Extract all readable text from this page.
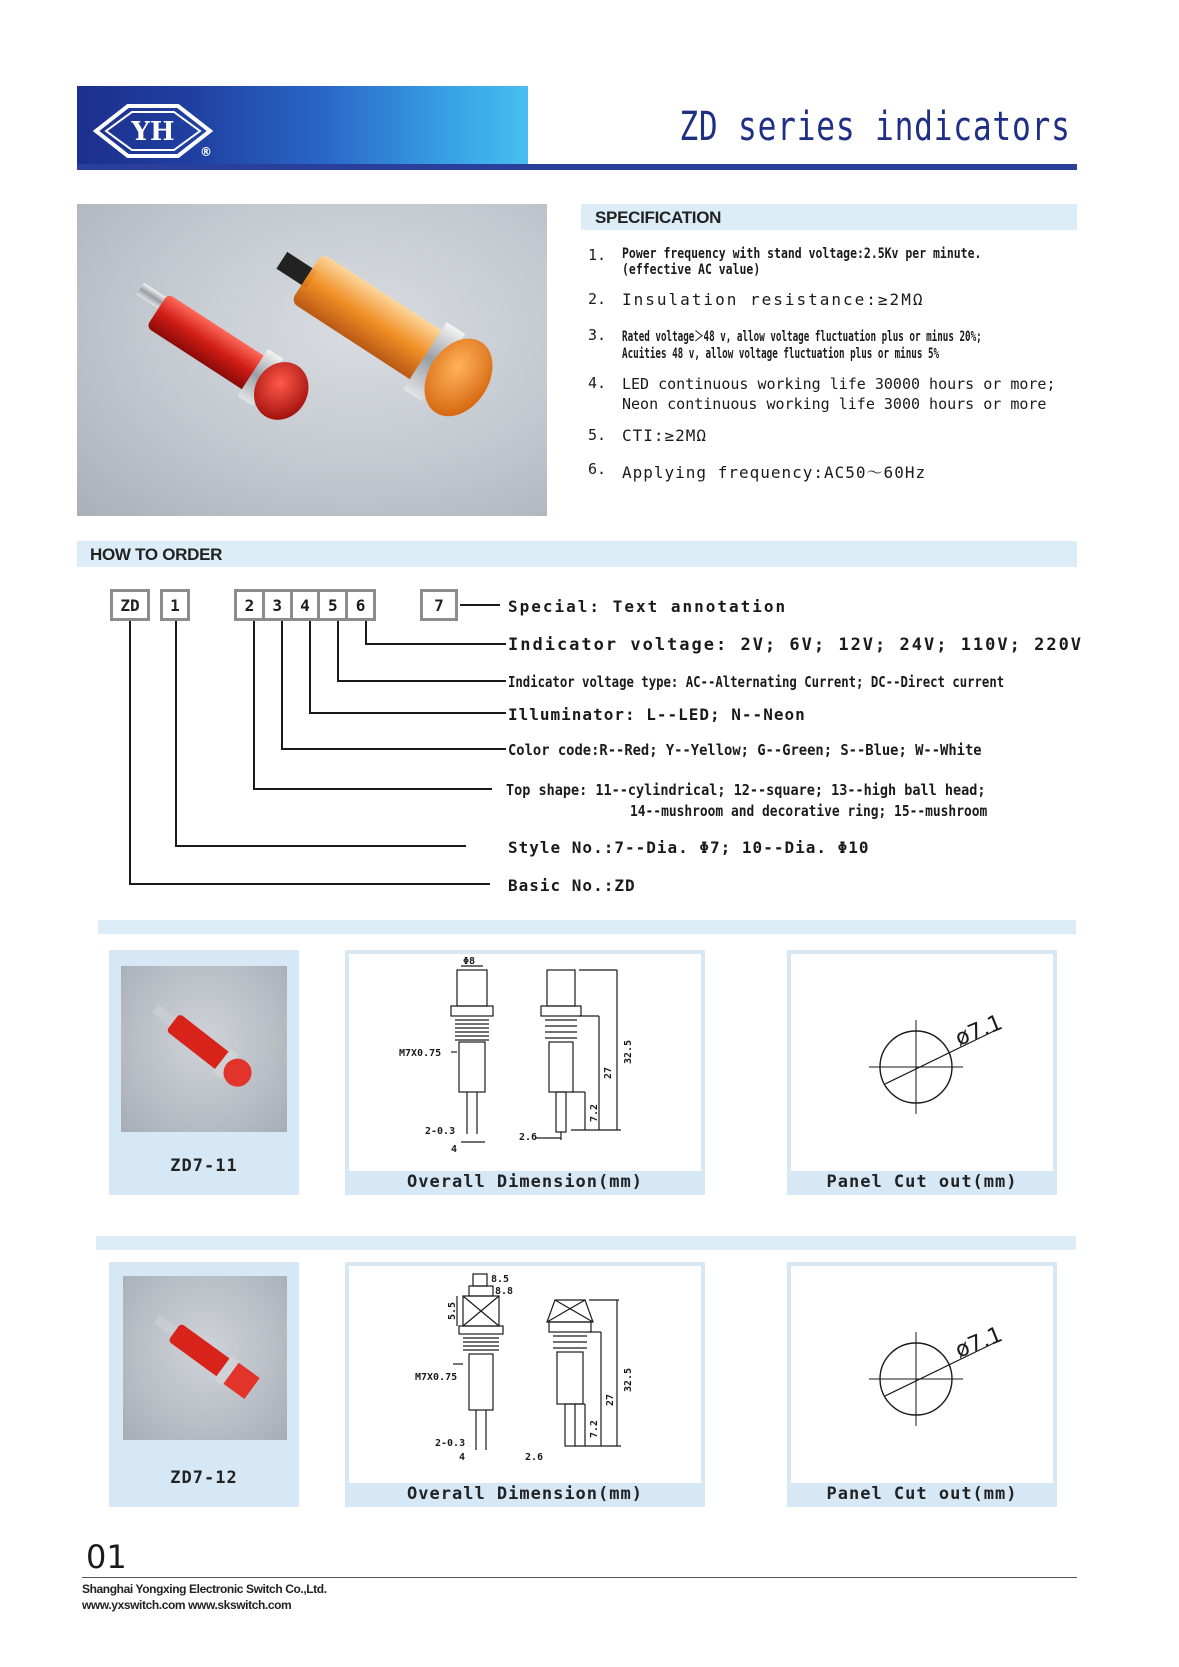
YH
®
ZD series indicators
SPECIFICATION
1. Power frequency with stand voltage:2.5Kv per minute.
(effective AC value)
2. Insulation resistance:≥2MΩ
3. Rated voltage＞48 v, allow voltage fluctuation plus or minus 20%;
Acuities 48 v, allow voltage fluctuation plus or minus 5%
4. LED continuous working life 30000 hours or more;
Neon continuous working life 3000 hours or more
5. CTI:≥2MΩ
6. Applying frequency:AC50～60Hz
HOW TO ORDER
ZD	1	2	3	4	5	6	7	Special: Text annotation
Indicator voltage: 2V; 6V; 12V; 24V; 110V; 220V
Indicator voltage type: AC--Alternating Current; DC--Direct current
Illuminator: L--LED; N--Neon
Color code:R--Red; Y--Yellow; G--Green; S--Blue; W--White
Top shape: 11--cylindrical; 12--square; 13--high ball head;
14--mushroom and decorative ring; 15--mushroom
Style No.:7--Dia. Φ7; 10--Dia. Φ10
Basic No.:ZD
ZD7-11
Φ8
M7X0.75
2-0.3
4
2.6
32.5
27
7.2
Overall Dimension(mm)
ø7.1
Panel Cut out(mm)
ZD7-12
8.5
8.8
5.5
M7X0.75
2-0.3
4	2.6
32.5
27
7.2
Overall Dimension(mm)
ø7.1
Panel Cut out(mm)
01
Shanghai Yongxing Electronic Switch Co.,Ltd.
www.yxswitch.com www.skswitch.com
